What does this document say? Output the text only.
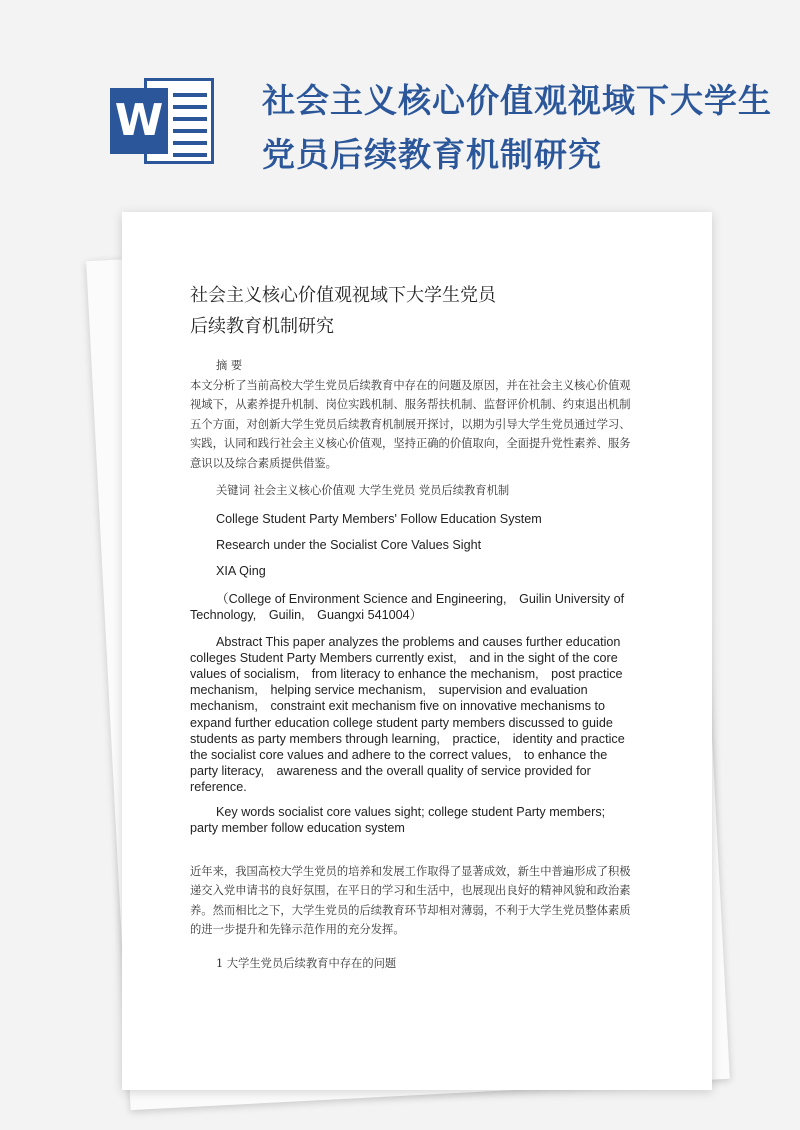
W	社会主义核心价值观视域下大学生党员后续教育机制研究

社会主义核心价值观视域下大学生党员后续教育机制研究

摘 要

本文分析了当前高校大学生党员后续教育中存在的问题及原因，并在社会主义核心价值观视域下，从素养提升机制、岗位实践机制、服务帮扶机制、监督评价机制、约束退出机制五个方面，对创新大学生党员后续教育机制展开探讨，以期为引导大学生党员通过学习、实践，认同和践行社会主义核心价值观，坚持正确的价值取向，全面提升党性素养、服务意识以及综合素质提供借鉴。

关键词 社会主义核心价值观 大学生党员 党员后续教育机制

College Student Party Members' Follow Education System

Research under the Socialist Core Values Sight

XIA Qing

（College of Environment Science and Engineering,　Guilin University of Technology,　Guilin,　Guangxi 541004）

Abstract This paper analyzes the problems and causes further education colleges Student Party Members currently exist,　and in the sight of the core values of socialism,　from literacy to enhance the mechanism,　post practice mechanism,　helping service mechanism,　supervision and evaluation mechanism,　constraint exit mechanism five on innovative mechanisms to expand further education college student party members discussed to guide students as party members through learning,　practice,　identity and practice the socialist core values and adhere to the correct values,　to enhance the party literacy,　awareness and the overall quality of service provided for reference.

Key words socialist core values sight; college student Party members; party member follow education system

近年来，我国高校大学生党员的培养和发展工作取得了显著成效，新生中普遍形成了积极递交入党申请书的良好氛围，在平日的学习和生活中，也展现出良好的精神风貌和政治素养。然而相比之下，大学生党员的后续教育环节却相对薄弱，不利于大学生党员整体素质的进一步提升和先锋示范作用的充分发挥。

1 大学生党员后续教育中存在的问题
